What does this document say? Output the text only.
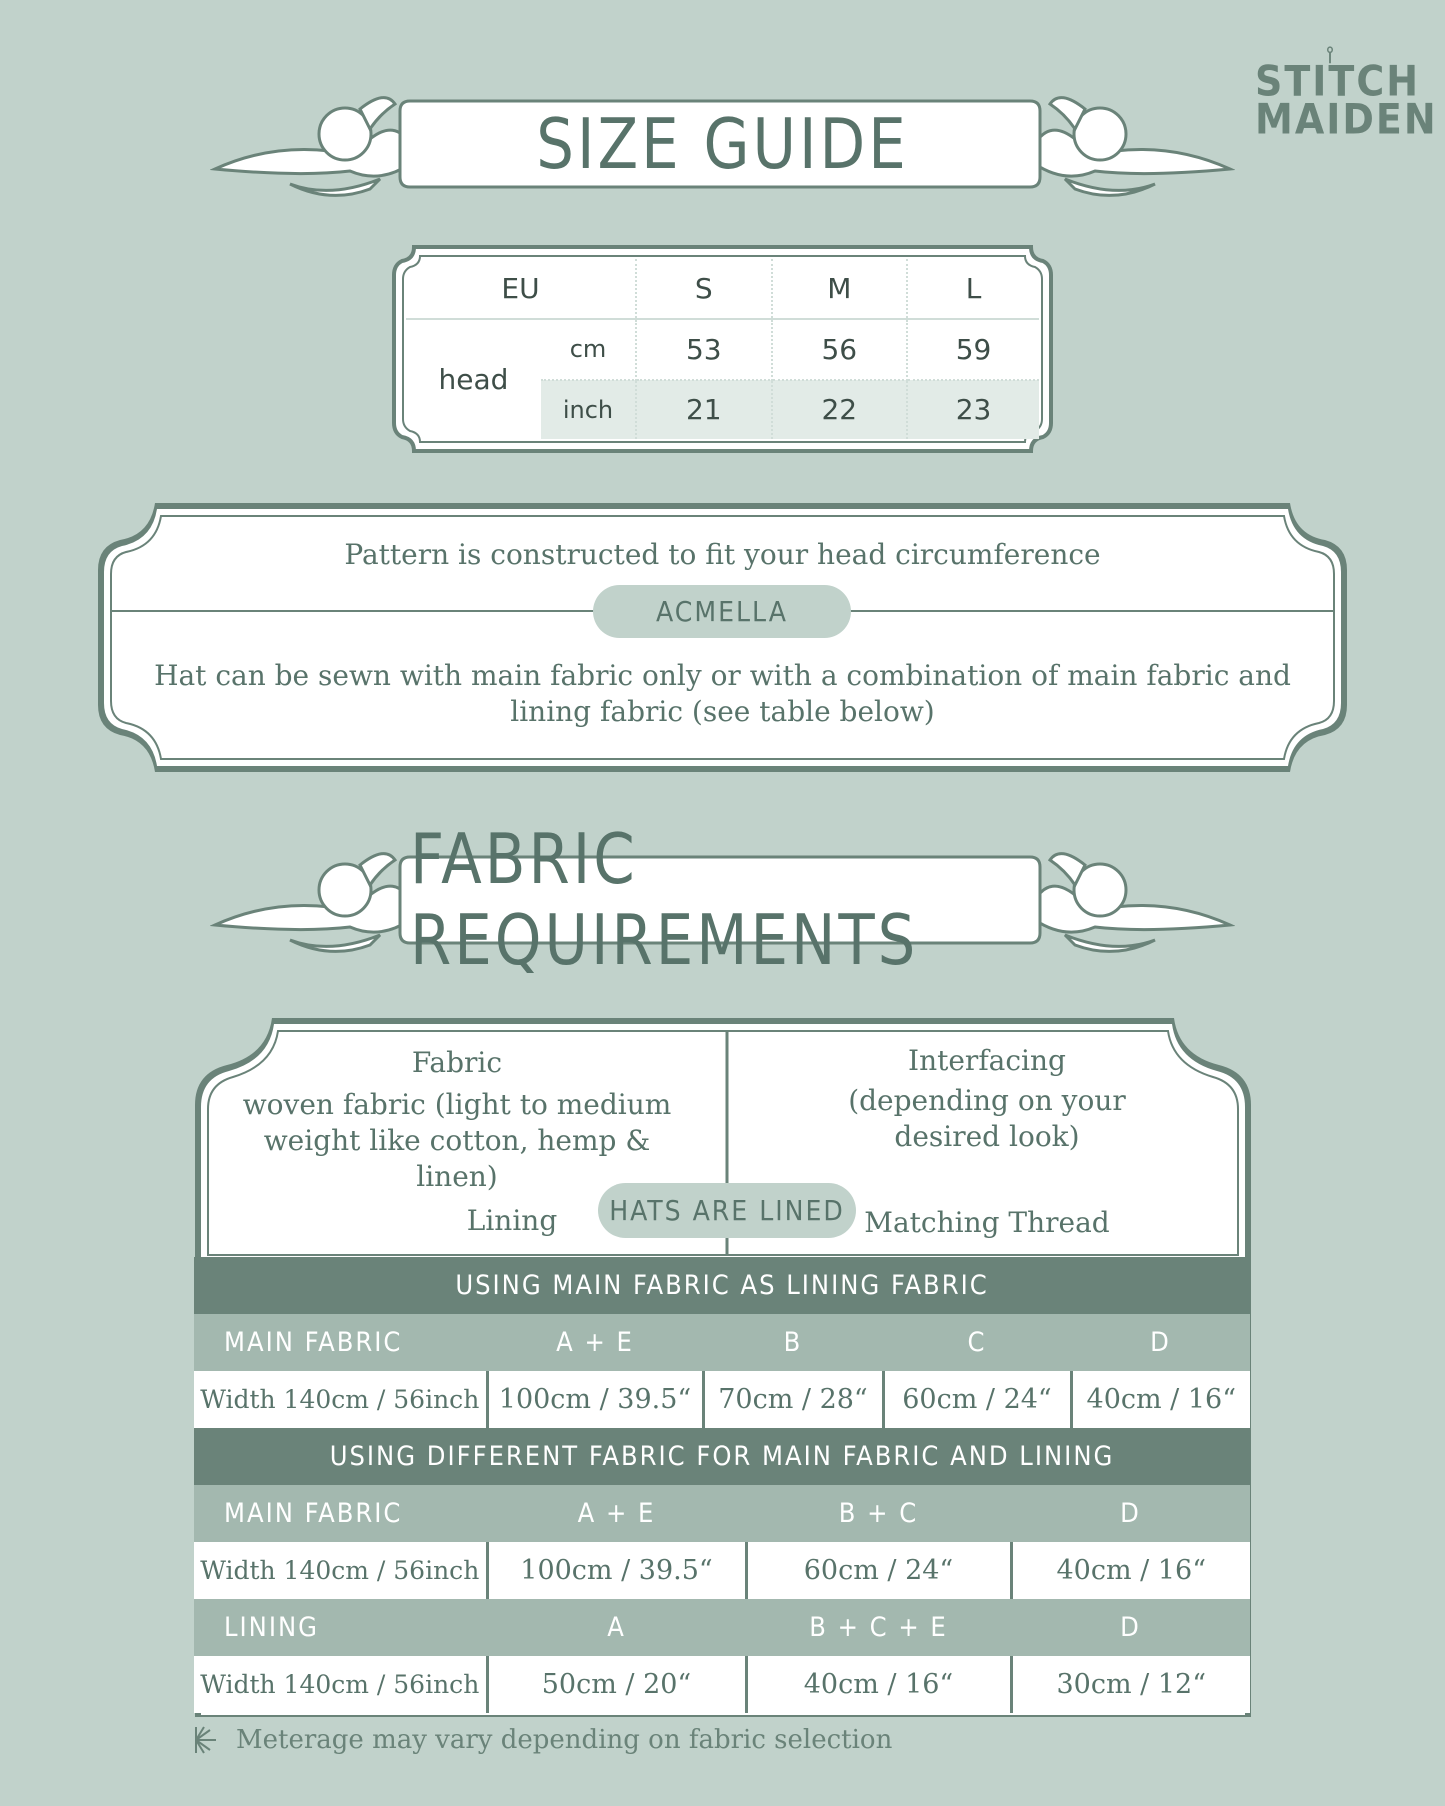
STITCH
MAIDEN
SIZE GUIDE
EU		S	M	L
head	cm	53	56	59
	inch	21	22	23
Pattern is constructed to fit your head circumference
ACMELLA
Hat can be sewn with main fabric only or with a combination of main fabric and lining fabric (see table below)
FABRIC REQUIREMENTS
Fabric
woven fabric (light to medium weight like cotton, hemp & linen)
Lining
Interfacing
(depending on your desired look)
Matching Thread
HATS ARE LINED
USING MAIN FABRIC AS LINING FABRIC				
MAIN FABRIC	A + E	B	C	D
Width 140cm / 56inch	100cm / 39.5“	70cm / 28“	60cm / 24“	40cm / 16“
USING DIFFERENT FABRIC FOR MAIN FABRIC AND LINING			
MAIN FABRIC	A + E	B + C	D
Width 140cm / 56inch	100cm / 39.5“	60cm / 24“	40cm / 16“
LINING	A	B + C + E	D
Width 140cm / 56inch	50cm / 20“	40cm / 16“	30cm / 12“
Meterage may vary depending on fabric selection
